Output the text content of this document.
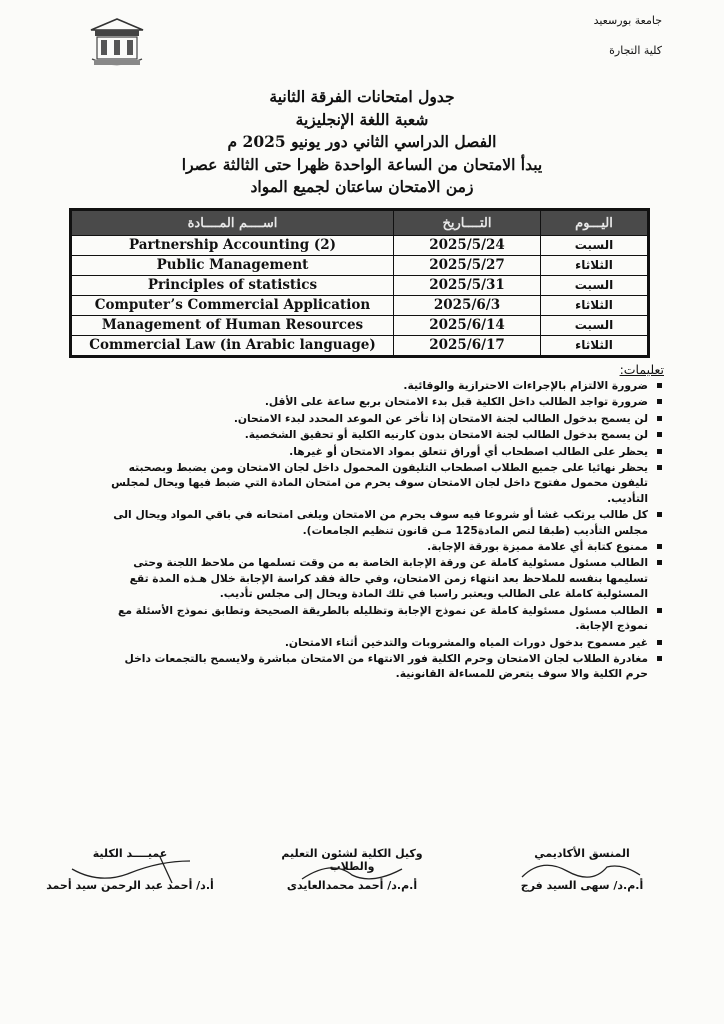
جامعة بورسعيد
كلية التجارة
جدول امتحانات الفرقة الثانية
شعبة اللغة الإنجليزية
الفصل الدراسي الثاني دور يونيو 2025 م
يبدأ الامتحان من الساعة الواحدة ظهرا حتى الثالثة عصرا
زمن الامتحان ساعتان لجميع المواد
اســــم المــــادة	التــــاريخ	اليـــوم
Partnership Accounting (2)	2025/5/24	السبت
Public Management	2025/5/27	الثلاثاء
Principles of statistics	2025/5/31	السبت
Computer’s Commercial Application	2025/6/3	الثلاثاء
Management of Human Resources	2025/6/14	السبت
Commercial Law (in Arabic language)	2025/6/17	الثلاثاء
تعليمات:
ضرورة الالتزام بالإجراءات الاحترازية والوقائية.
ضرورة تواجد الطالب داخل الكلية قبل بدء الامتحان بربع ساعة على الأقل.
لن يسمح بدخول الطالب لجنة الامتحان إذا تأخر عن الموعد المحدد لبدء الامتحان.
لن يسمح بدخول الطالب لجنة الامتحان بدون كارنيه الكلية أو تحقيق الشخصية.
يحظر على الطالب اصطحاب أي أوراق تتعلق بمواد الامتحان أو غيرها.
يحظر نهائيا على جميع الطلاب اصطحاب التليفون المحمول داخل لجان الامتحان ومن يضبط وبصحبته تليفون محمول مفتوح داخل لجان الامتحان سوف يحرم من امتحان المادة التي ضبط فيها ويحال لمجلس التأديب.
كل طالب يرتكب غشا أو شروعا فيه سوف يحرم من الامتحان ويلغى امتحانه في باقي المواد ويحال الى مجلس التأديب (طبقا لنص المادة125 مـن قانون تنظيم الجامعات).
ممنوع كتابة أي علامة مميزة بورقة الإجابة.
الطالب مسئول مسئولية كاملة عن ورقة الإجابة الخاصة به من وقت تسلمها من ملاحظ اللجنة وحتى تسليمها بنفسه للملاحظ بعد انتهاء زمن الامتحان، وفي حالة فقد كراسة الإجابة خلال هـذه المدة تقع المسئولية كاملة على الطالب ويعتبر راسبا في تلك المادة ويحال إلى مجلس تأديب.
الطالب مسئول مسئولية كاملة عن نموذج الإجابة وتظليله بالطريقة الصحيحة وتطابق نموذج الأسئلة مع نموذج الإجابة.
غير مسموح بدخول دورات المياه والمشروبات والتدخين أثناء الامتحان.
مغادرة الطلاب لجان الامتحان وحرم الكلية فور الانتهاء من الامتحان مباشرة ولايسمح بالتجمعات داخل حرم الكلية والا سوف يتعرض للمساءلة القانونية.
المنسق الأكاديمي
أ.م.د/ سهى السيد فرج
وكيل الكلية لشئون التعليم والطلاب
أ.م.د/ أحمد محمدالعايدى
عميــــد الكلية
أ.د/ أحمد عبد الرحمن سيد أحمد
